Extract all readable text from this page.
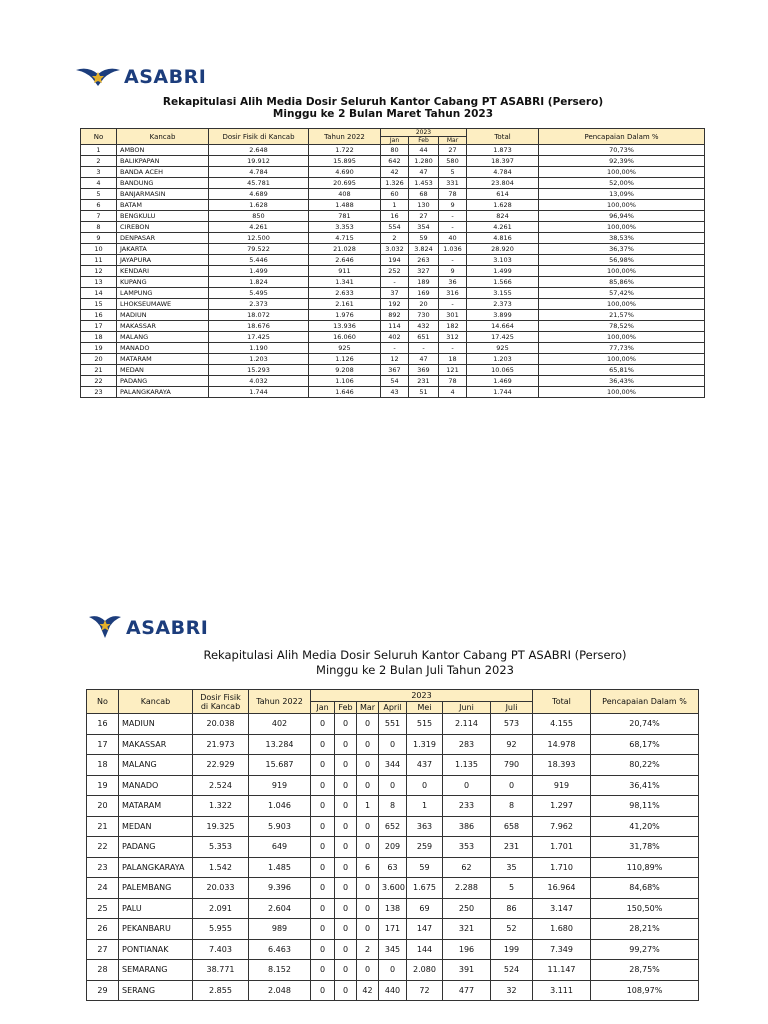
ASABRI
Rekapitulasi Alih Media Dosir Seluruh Kantor Cabang PT ASABRI (Persero)
Minggu ke 2 Bulan Maret Tahun 2023
No	Kancab	Dosir Fisik di Kancab	Tahun 2022	2023			Total	Pencapaian Dalam %
				Jan	Feb	Mar		
1	AMBON	2.648	1.722	80	44	27	1.873	70,73%
2	BALIKPAPAN	19.912	15.895	642	1.280	580	18.397	92,39%
3	BANDA ACEH	4.784	4.690	42	47	5	4.784	100,00%
4	BANDUNG	45.781	20.695	1.326	1.453	331	23.804	52,00%
5	BANJARMASIN	4.689	408	60	68	78	614	13,09%
6	BATAM	1.628	1.488	1	130	9	1.628	100,00%
7	BENGKULU	850	781	16	27	-	824	96,94%
8	CIREBON	4.261	3.353	554	354	-	4.261	100,00%
9	DENPASAR	12.500	4.715	2	59	40	4.816	38,53%
10	JAKARTA	79.522	21.028	3.032	3.824	1.036	28.920	36,37%
11	JAYAPURA	5.446	2.646	194	263	-	3.103	56,98%
12	KENDARI	1.499	911	252	327	9	1.499	100,00%
13	KUPANG	1.824	1.341	-	189	36	1.566	85,86%
14	LAMPUNG	5.495	2.633	37	169	316	3.155	57,42%
15	LHOKSEUMAWE	2.373	2.161	192	20	-	2.373	100,00%
16	MADIUN	18.072	1.976	892	730	301	3.899	21,57%
17	MAKASSAR	18.676	13.936	114	432	182	14.664	78,52%
18	MALANG	17.425	16.060	402	651	312	17.425	100,00%
19	MANADO	1.190	925	-	-	-	925	77,73%
20	MATARAM	1.203	1.126	12	47	18	1.203	100,00%
21	MEDAN	15.293	9.208	367	369	121	10.065	65,81%
22	PADANG	4.032	1.106	54	231	78	1.469	36,43%
23	PALANGKARAYA	1.744	1.646	43	51	4	1.744	100,00%
ASABRI
Rekapitulasi Alih Media Dosir Seluruh Kantor Cabang PT ASABRI (Persero)
Minggu ke 2 Bulan Juli Tahun 2023
No	Kancab	Dosir Fisik di Kancab	Tahun 2022	2023							Total	Pencapaian Dalam %
				Jan	Feb	Mar	April	Mei	Juni	Juli		
16	MADIUN	20.038	402	0	0	0	551	515	2.114	573	4.155	20,74%
17	MAKASSAR	21.973	13.284	0	0	0	0	1.319	283	92	14.978	68,17%
18	MALANG	22.929	15.687	0	0	0	344	437	1.135	790	18.393	80,22%
19	MANADO	2.524	919	0	0	0	0	0	0	0	919	36,41%
20	MATARAM	1.322	1.046	0	0	1	8	1	233	8	1.297	98,11%
21	MEDAN	19.325	5.903	0	0	0	652	363	386	658	7.962	41,20%
22	PADANG	5.353	649	0	0	0	209	259	353	231	1.701	31,78%
23	PALANGKARAYA	1.542	1.485	0	0	6	63	59	62	35	1.710	110,89%
24	PALEMBANG	20.033	9.396	0	0	0	3.600	1.675	2.288	5	16.964	84,68%
25	PALU	2.091	2.604	0	0	0	138	69	250	86	3.147	150,50%
26	PEKANBARU	5.955	989	0	0	0	171	147	321	52	1.680	28,21%
27	PONTIANAK	7.403	6.463	0	0	2	345	144	196	199	7.349	99,27%
28	SEMARANG	38.771	8.152	0	0	0	0	2.080	391	524	11.147	28,75%
29	SERANG	2.855	2.048	0	0	42	440	72	477	32	3.111	108,97%
